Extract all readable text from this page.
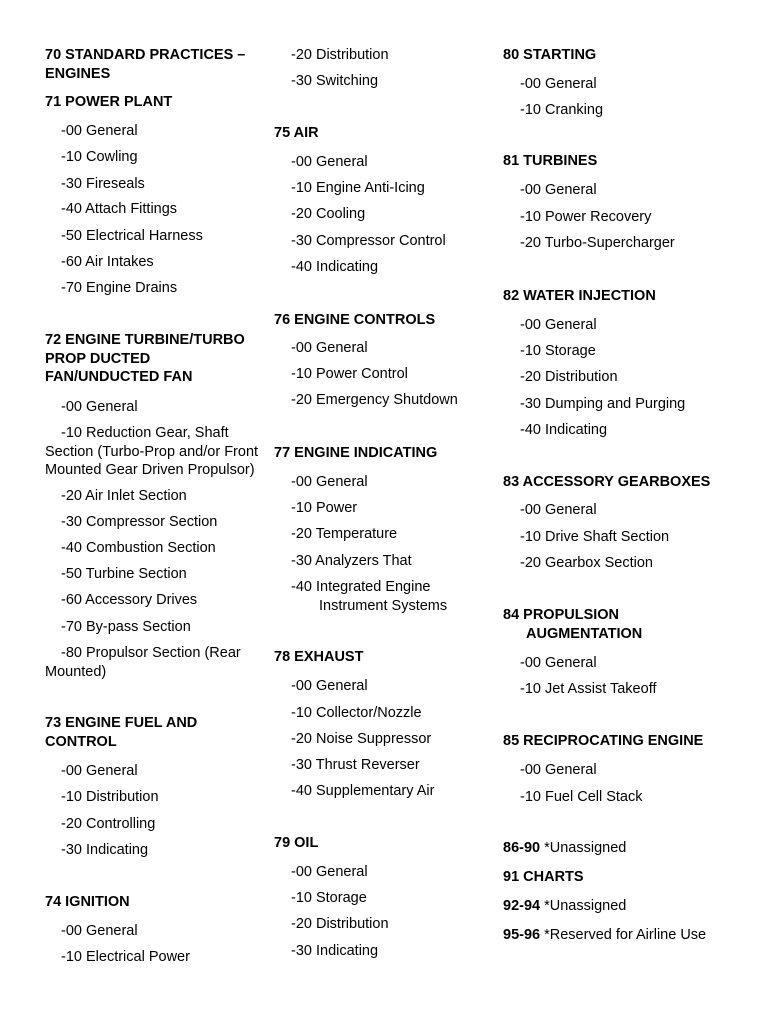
70 STANDARD PRACTICES – ENGINES
71 POWER PLANT
-00 General
-10 Cowling
-30 Fireseals
-40 Attach Fittings
-50 Electrical Harness
-60 Air Intakes
-70 Engine Drains
72 ENGINE TURBINE/TURBO PROP DUCTED FAN/UNDUCTED FAN
-00 General
-10 Reduction Gear, Shaft Section (Turbo-Prop and/or Front Mounted Gear Driven Propulsor)
-20 Air Inlet Section
-30 Compressor Section
-40 Combustion Section
-50 Turbine Section
-60 Accessory Drives
-70 By-pass Section
-80 Propulsor Section (Rear Mounted)
73 ENGINE FUEL AND CONTROL
-00 General
-10 Distribution
-20 Controlling
-30 Indicating
74 IGNITION
-00 General
-10 Electrical Power
-20 Distribution
-30 Switching
75 AIR
-00 General
-10 Engine Anti-Icing
-20 Cooling
-30 Compressor Control
-40 Indicating
76 ENGINE CONTROLS
-00 General
-10 Power Control
-20 Emergency Shutdown
77 ENGINE INDICATING
-00 General
-10 Power
-20 Temperature
-30 Analyzers That
-40 Integrated Engine
Instrument Systems
78 EXHAUST
-00 General
-10 Collector/Nozzle
-20 Noise Suppressor
-30 Thrust Reverser
-40 Supplementary Air
79 OIL
-00 General
-10 Storage
-20 Distribution
-30 Indicating
80 STARTING
-00 General
-10 Cranking
81 TURBINES
-00 General
-10 Power Recovery
-20 Turbo-Supercharger
82 WATER INJECTION
-00 General
-10 Storage
-20 Distribution
-30 Dumping and Purging
-40 Indicating
83 ACCESSORY GEARBOXES
-00 General
-10 Drive Shaft Section
-20 Gearbox Section
84 PROPULSION
AUGMENTATION
-00 General
-10 Jet Assist Takeoff
85 RECIPROCATING ENGINE
-00 General
-10 Fuel Cell Stack
86-90 *Unassigned
91 CHARTS
92-94 *Unassigned
95-96 *Reserved for Airline Use
